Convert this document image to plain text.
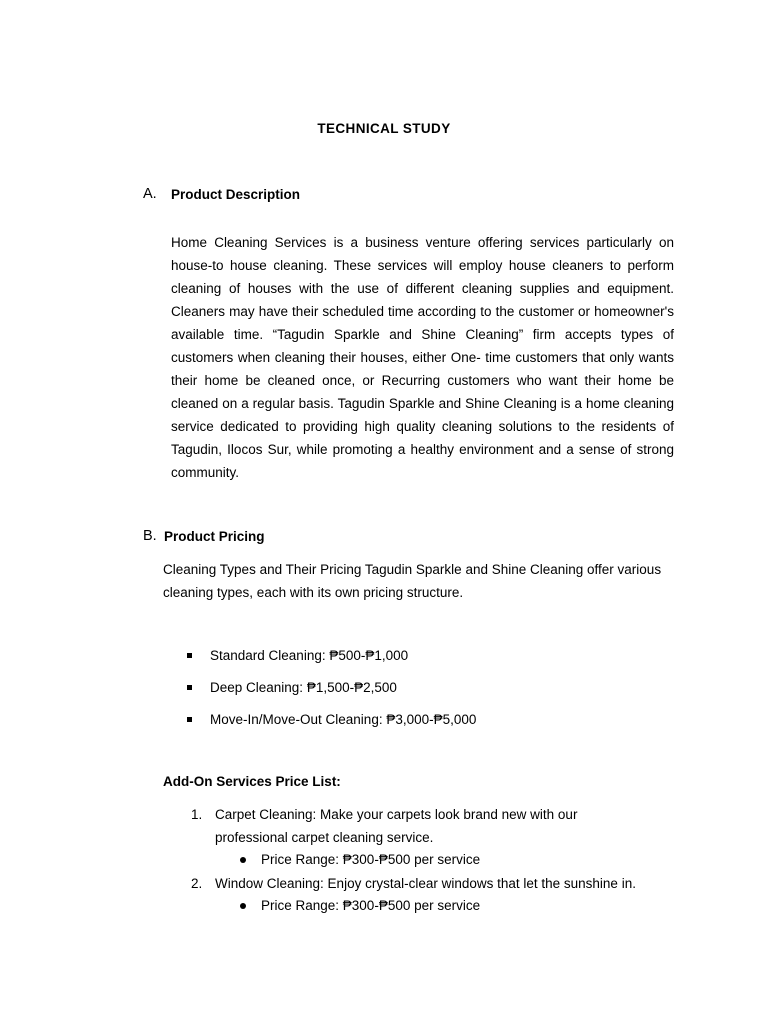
TECHNICAL STUDY
A. Product Description
Home Cleaning Services is a business venture offering services particularly on house-to house cleaning. These services will employ house cleaners to perform cleaning of houses with the use of different cleaning supplies and equipment. Cleaners may have their scheduled time according to the customer or homeowner's available time. “Tagudin Sparkle and Shine Cleaning” firm accepts types of customers when cleaning their houses, either One- time customers that only wants their home be cleaned once, or Recurring customers who want their home be cleaned on a regular basis. Tagudin Sparkle and Shine Cleaning is a home cleaning service dedicated to providing high quality cleaning solutions to the residents of Tagudin, Ilocos Sur, while promoting a healthy environment and a sense of strong community.
B. Product Pricing
Cleaning Types and Their Pricing Tagudin Sparkle and Shine Cleaning offer various cleaning types, each with its own pricing structure.
Standard Cleaning: ₱500-₱1,000
Deep Cleaning: ₱1,500-₱2,500
Move-In/Move-Out Cleaning: ₱3,000-₱5,000
Add-On Services Price List:
1. Carpet Cleaning: Make your carpets look brand new with our
professional carpet cleaning service.
Price Range: ₱300-₱500 per service
2. Window Cleaning: Enjoy crystal-clear windows that let the sunshine in.
Price Range: ₱300-₱500 per service
